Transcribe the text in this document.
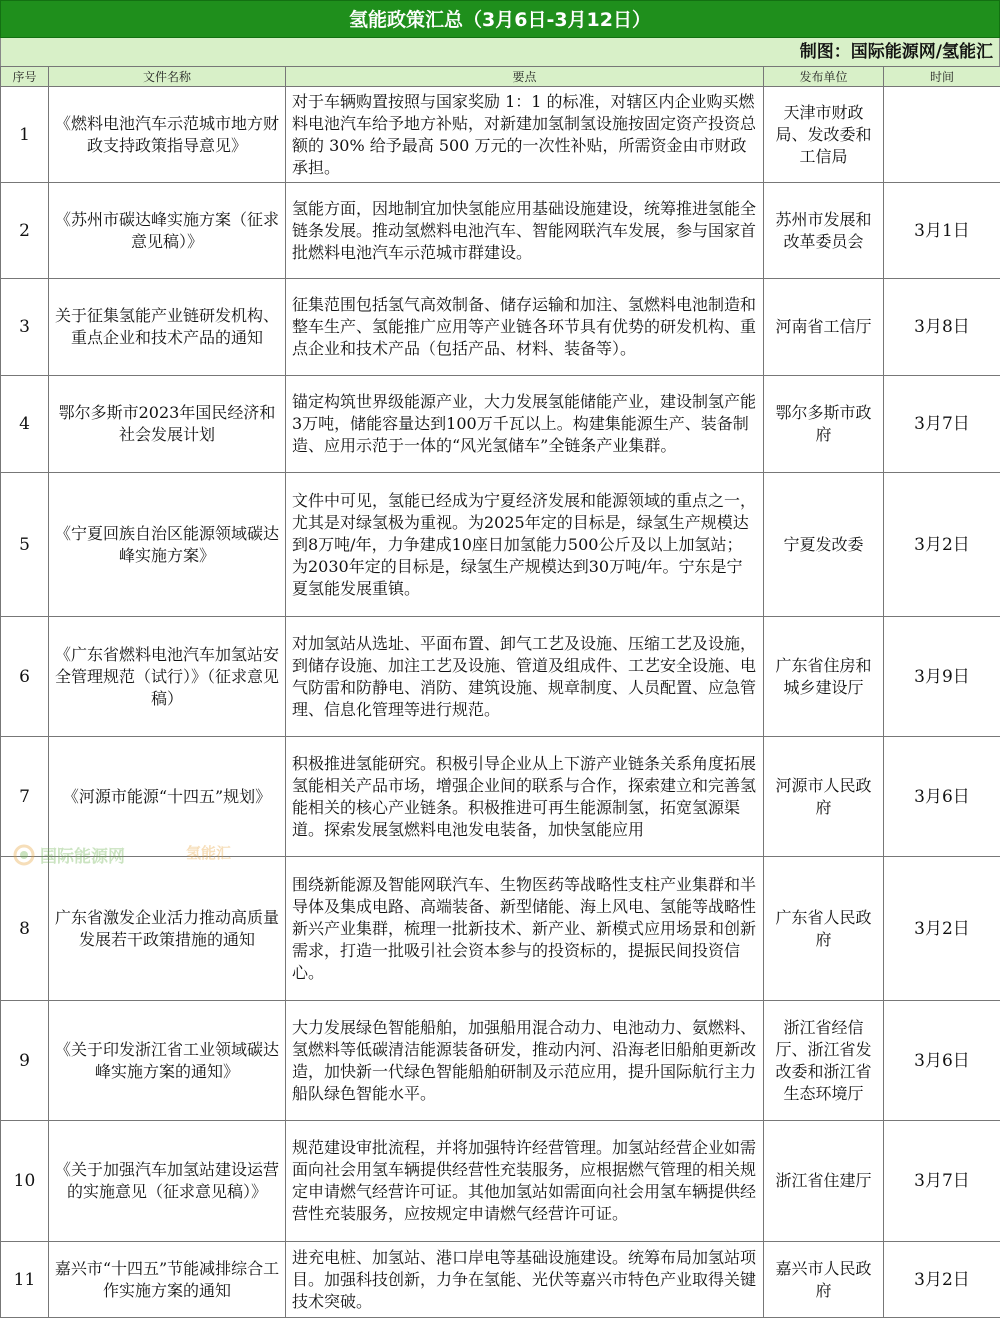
氢能政策汇总（3月6日-3月12日）
制图：国际能源网/氢能汇
序号	文件名称	要点	发布单位	时间
1	《燃料电池汽车示范城市地方财政支持政策指导意见》	对于车辆购置按照与国家奖励 1：1 的标准，对辖区内企业购买燃料电池汽车给予地方补贴，对新建加氢制氢设施按固定资产投资总额的 30% 给予最高 500 万元的一次性补贴，所需资金由市财政承担。	天津市财政局、发改委和工信局	
2	《苏州市碳达峰实施方案（征求意见稿）》	氢能方面，因地制宜加快氢能应用基础设施建设，统筹推进氢能全链条发展。推动氢燃料电池汽车、智能网联汽车发展，参与国家首批燃料电池汽车示范城市群建设。	苏州市发展和改革委员会	3月1日
3	关于征集氢能产业链研发机构、重点企业和技术产品的通知	征集范围包括氢气高效制备、储存运输和加注、氢燃料电池制造和整车生产、氢能推广应用等产业链各环节具有优势的研发机构、重点企业和技术产品（包括产品、材料、装备等）。	河南省工信厅	3月8日
4	鄂尔多斯市2023年国民经济和社会发展计划	锚定构筑世界级能源产业，大力发展氢能储能产业，建设制氢产能3万吨，储能容量达到100万千瓦以上。构建集能源生产、装备制造、应用示范于一体的“风光氢储车”全链条产业集群。	鄂尔多斯市政府	3月7日
5	《宁夏回族自治区能源领域碳达峰实施方案》	文件中可见，氢能已经成为宁夏经济发展和能源领域的重点之一，尤其是对绿氢极为重视。为2025年定的目标是，绿氢生产规模达到8万吨/年，力争建成10座日加氢能力500公斤及以上加氢站；为2030年定的目标是，绿氢生产规模达到30万吨/年。宁东是宁夏氢能发展重镇。	宁夏发改委	3月2日
6	《广东省燃料电池汽车加氢站安全管理规范（试行）》（征求意见稿）	对加氢站从选址、平面布置、卸气工艺及设施、压缩工艺及设施，到储存设施、加注工艺及设施、管道及组成件、工艺安全设施、电气防雷和防静电、消防、建筑设施、规章制度、人员配置、应急管理、信息化管理等进行规范。	广东省住房和城乡建设厅	3月9日
7	《河源市能源“十四五”规划》	积极推进氢能研究。积极引导企业从上下游产业链条关系角度拓展氢能相关产品市场，增强企业间的联系与合作，探索建立和完善氢能相关的核心产业链条。积极推进可再生能源制氢，拓宽氢源渠道。探索发展氢燃料电池发电装备，加快氢能应用	河源市人民政府	3月6日
8	广东省激发企业活力推动高质量发展若干政策措施的通知	围绕新能源及智能网联汽车、生物医药等战略性支柱产业集群和半导体及集成电路、高端装备、新型储能、海上风电、氢能等战略性新兴产业集群，梳理一批新技术、新产业、新模式应用场景和创新需求，打造一批吸引社会资本参与的投资标的，提振民间投资信心。	广东省人民政府	3月2日
9	《关于印发浙江省工业领域碳达峰实施方案的通知》	大力发展绿色智能船舶，加强船用混合动力、电池动力、氨燃料、氢燃料等低碳清洁能源装备研发，推动内河、沿海老旧船舶更新改造，加快新一代绿色智能船舶研制及示范应用，提升国际航行主力船队绿色智能水平。	浙江省经信厅、浙江省发改委和浙江省生态环境厅	3月6日
10	《关于加强汽车加氢站建设运营的实施意见（征求意见稿）》	规范建设审批流程，并将加强特许经营管理。加氢站经营企业如需面向社会用氢车辆提供经营性充装服务，应根据燃气管理的相关规定申请燃气经营许可证。其他加氢站如需面向社会用氢车辆提供经营性充装服务，应按规定申请燃气经营许可证。	浙江省住建厅	3月7日
11	嘉兴市“十四五”节能减排综合工作实施方案的通知	进充电桩、加氢站、港口岸电等基础设施建设。统筹布局加氢站项目。加强科技创新，力争在氢能、光伏等嘉兴市特色产业取得关键技术突破。	嘉兴市人民政府	3月2日
国际能源网	氢能汇
